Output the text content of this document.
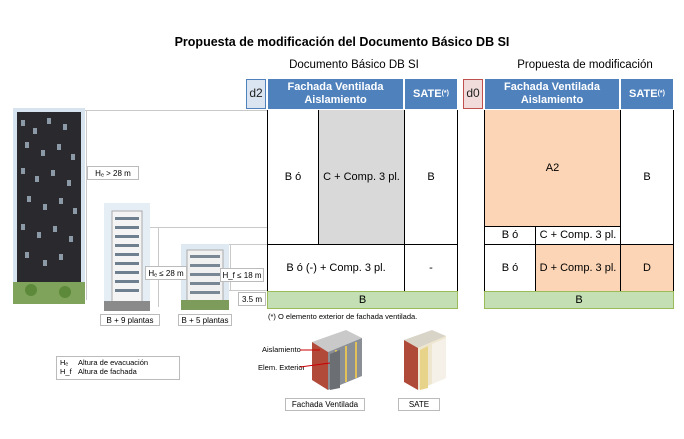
Propuesta de modificación del Documento Básico DB SI
Documento Básico DB SI	Propuesta de modificación
d2	Fachada Ventilada
Aislamiento
SATE (*)
B ó	C + Comp. 3 pl.	B
B ó (-) + Comp. 3 pl.	-
B
d0	Fachada Ventilada
Aislamiento
SATE (*)
A2
B
B ó	C + Comp. 3 pl.
B ó	D + Comp. 3 pl.	D
B
(*) O elemento exterior de fachada ventilada.
Hₑ > 28 m
Hₑ ≤ 28 m	H_f ≤ 18 m
3.5 m
B + 9 plantas	B + 5 plantas
Hₑ	Altura de evacuación
H_f Altura de fachada
Aislamiento
Elem. Exterior
Fachada Ventilada	SATE
